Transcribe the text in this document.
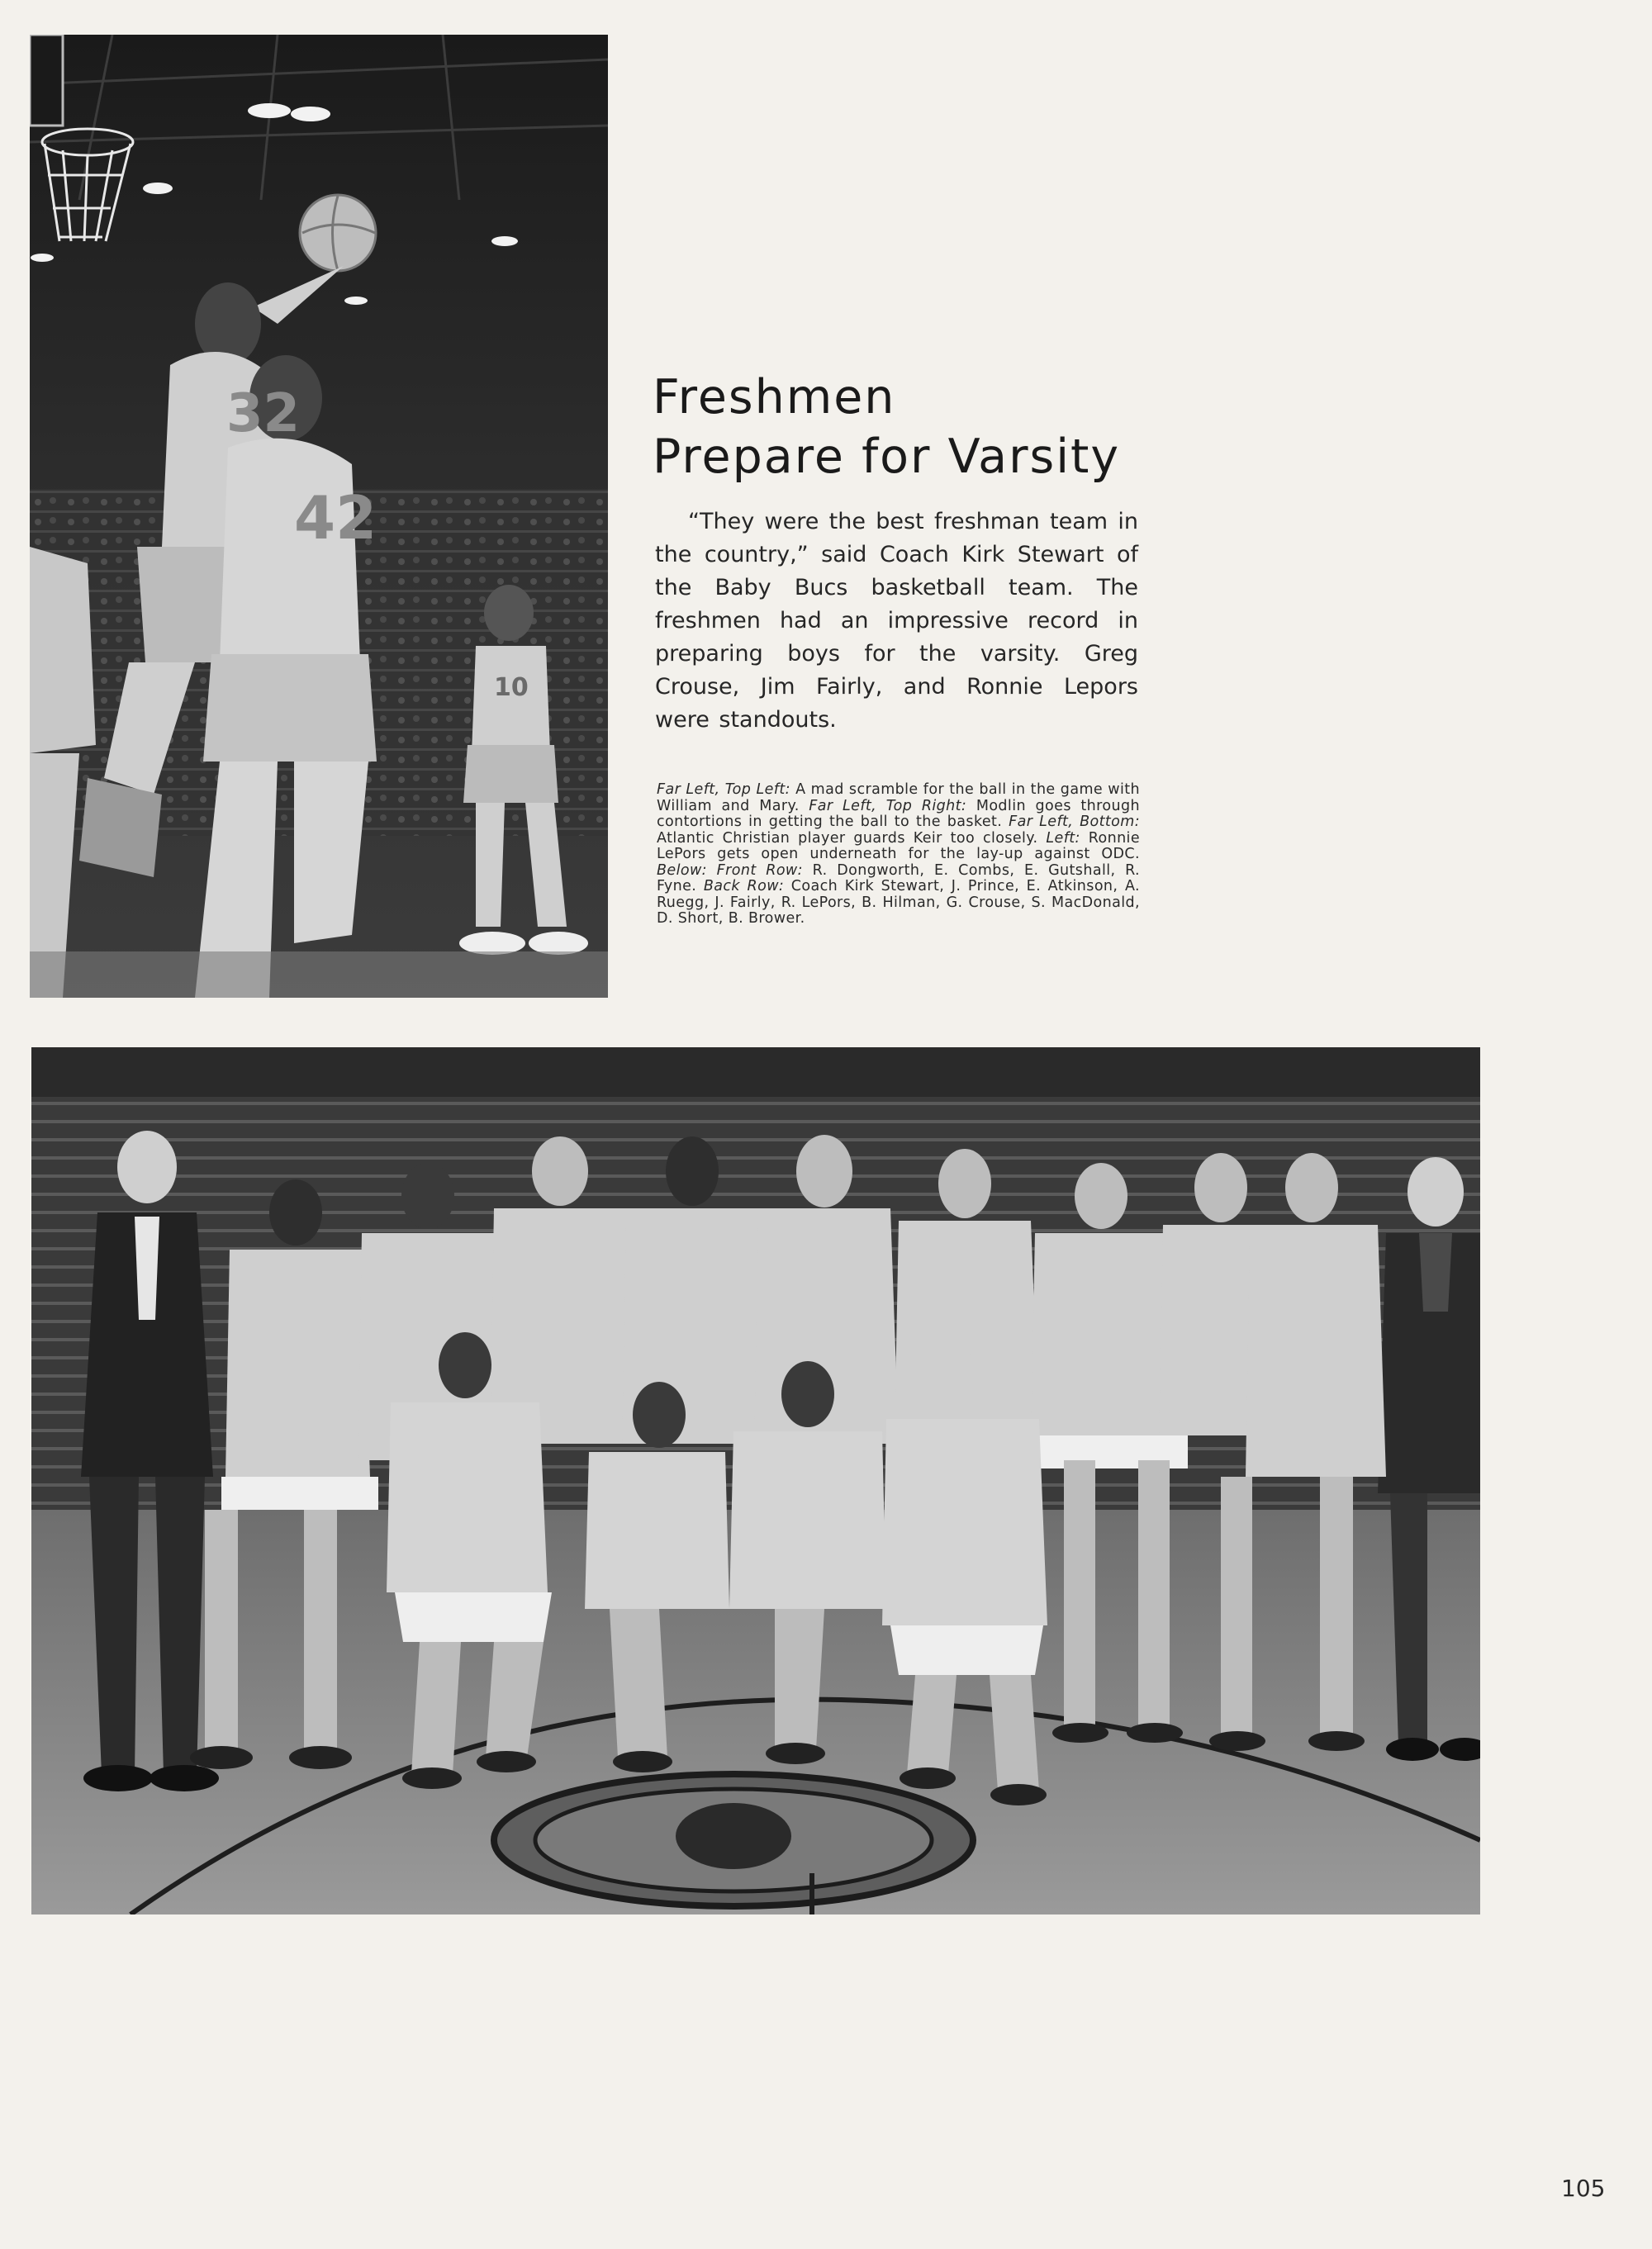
32
42
10
Freshmen
Prepare for Varsity

“They were the best freshman team in the country,” said Coach Kirk Stewart of the Baby Bucs basketball team. The freshmen had an impressive record in preparing boys for the varsity. Greg Crouse, Jim Fairly, and Ronnie Lepors were standouts.

Far Left, Top Left: A mad scramble for the ball in the game with William and Mary. Far Left, Top Right: Modlin goes through contortions in getting the ball to the basket. Far Left, Bottom: Atlantic Christian player guards Keir too closely. Left: Ronnie LePors gets open underneath for the lay-up against ODC. Below: Front Row: R. Dongworth, E. Combs, E. Gutshall, R. Fyne. Back Row: Coach Kirk Stewart, J. Prince, E. Atkinson, A. Ruegg, J. Fairly, R. LePors, B. Hilman, G. Crouse, S. MacDonald, D. Short, B. Brower.

105
